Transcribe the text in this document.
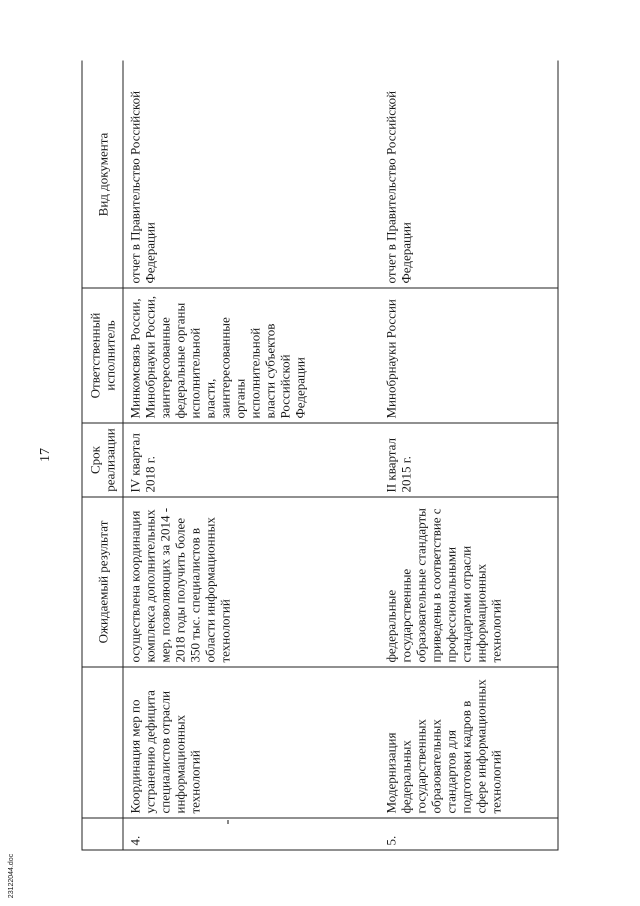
17
Ожидаемый результат
Срок реализации
Ответственный исполнитель
Вид документа
4.
Координация мер по устранению дефицита специалистов отрасли информационных технологий
осуществлена координация комплекса дополнительных мер, позволяющих за 2014 - 2018 годы получить более 350 тыс. специалистов в области информационных технологий
IV квартал 2018 г.
Минкомсвязь России, Минобрнауки России, заинтересованные федеральные органы исполнительной власти, заинтересованные органы исполнительной власти субъектов Российской Федерации
отчет в Правительство Российской Федерации
5.
Модернизация федеральных государственных образовательных стандартов для подготовки кадров в сфере информационных технологий
федеральные государственные образовательные стандарты приведены в соответствие с профессиональными стандартами отрасли информационных технологий
II квартал 2015 г.
Минобрнауки России
отчет в Правительство Российской Федерации
23122044.doc
